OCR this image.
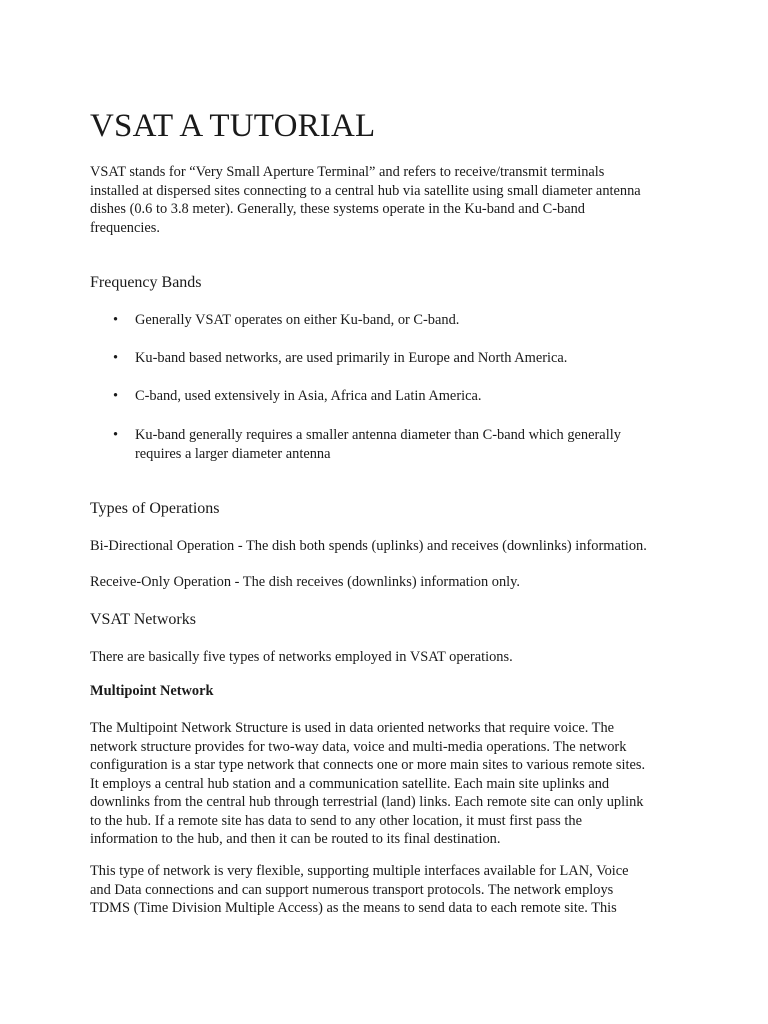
VSAT A TUTORIAL
VSAT stands for “Very Small Aperture Terminal” and refers to receive/transmit terminals
installed at dispersed sites connecting to a central hub via satellite using small diameter antenna
dishes (0.6 to 3.8 meter). Generally, these systems operate in the Ku-band and C-band
frequencies.
Frequency Bands
• Generally VSAT operates on either Ku-band, or C-band.
• Ku-band based networks, are used primarily in Europe and North America.
• C-band, used extensively in Asia, Africa and Latin America.
• Ku-band generally requires a smaller antenna diameter than C-band which generally
requires a larger diameter antenna
Types of Operations
Bi-Directional Operation - The dish both spends (uplinks) and receives (downlinks) information.
Receive-Only Operation - The dish receives (downlinks) information only.
VSAT Networks
There are basically five types of networks employed in VSAT operations.
Multipoint Network
The Multipoint Network Structure is used in data oriented networks that require voice. The
network structure provides for two-way data, voice and multi-media operations. The network
configuration is a star type network that connects one or more main sites to various remote sites.
It employs a central hub station and a communication satellite. Each main site uplinks and
downlinks from the central hub through terrestrial (land) links. Each remote site can only uplink
to the hub. If a remote site has data to send to any other location, it must first pass the
information to the hub, and then it can be routed to its final destination.
This type of network is very flexible, supporting multiple interfaces available for LAN, Voice
and Data connections and can support numerous transport protocols. The network employs
TDMS (Time Division Multiple Access) as the means to send data to each remote site. This
